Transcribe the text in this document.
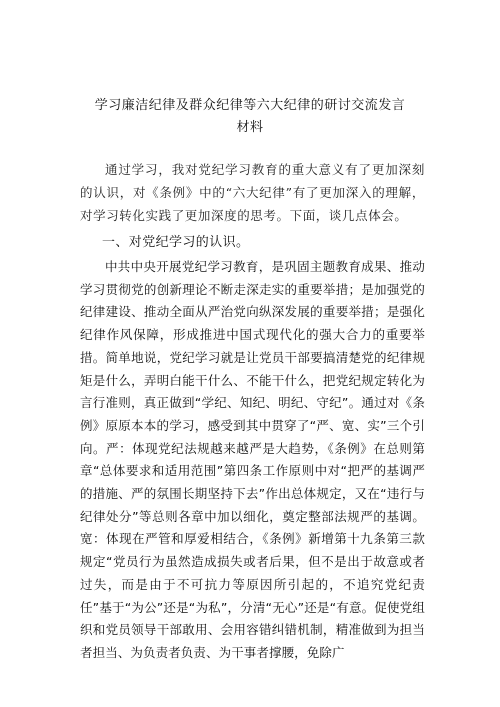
学习廉洁纪律及群众纪律等六大纪律的研讨交流发言
材料
通过学习，我对党纪学习教育的重大意义有了更加深刻的认识，对《条例》中的“六大纪律”有了更加深入的理解，对学习转化实践了更加深度的思考。下面，谈几点体会。
一、对党纪学习的认识。
中共中央开展党纪学习教育，是巩固主题教育成果、推动学习贯彻党的创新理论不断走深走实的重要举措；是加强党的纪律建设、推动全面从严治党向纵深发展的重要举措；是强化纪律作风保障，形成推进中国式现代化的强大合力的重要举措。简单地说，党纪学习就是让党员干部要搞清楚党的纪律规矩是什么，弄明白能干什么、不能干什么，把党纪规定转化为言行准则，真正做到“学纪、知纪、明纪、守纪”。通过对《条例》原原本本的学习，感受到其中贯穿了“严、宽、实”三个引向。严：体现党纪法规越来越严是大趋势，《条例》在总则第章“总体要求和适用范围”第四条工作原则中对“把严的基调严的措施、严的氛围长期坚持下去”作出总体规定，又在“违行与纪律处分”等总则各章中加以细化，奠定整部法规严的基调。宽：体现在严管和厚爱相结合，《条例》新增第十九条第三款规定“党员行为虽然造成损失或者后果，但不是出于故意或者过失，而是由于不可抗力等原因所引起的，不追究党纪责任”基于“为公”还是“为私”，分清“无心”还是“有意。促使党组织和党员领导干部敢用、会用容错纠错机制，精准做到为担当者担当、为负责者负责、为干事者撑腰，免除广
